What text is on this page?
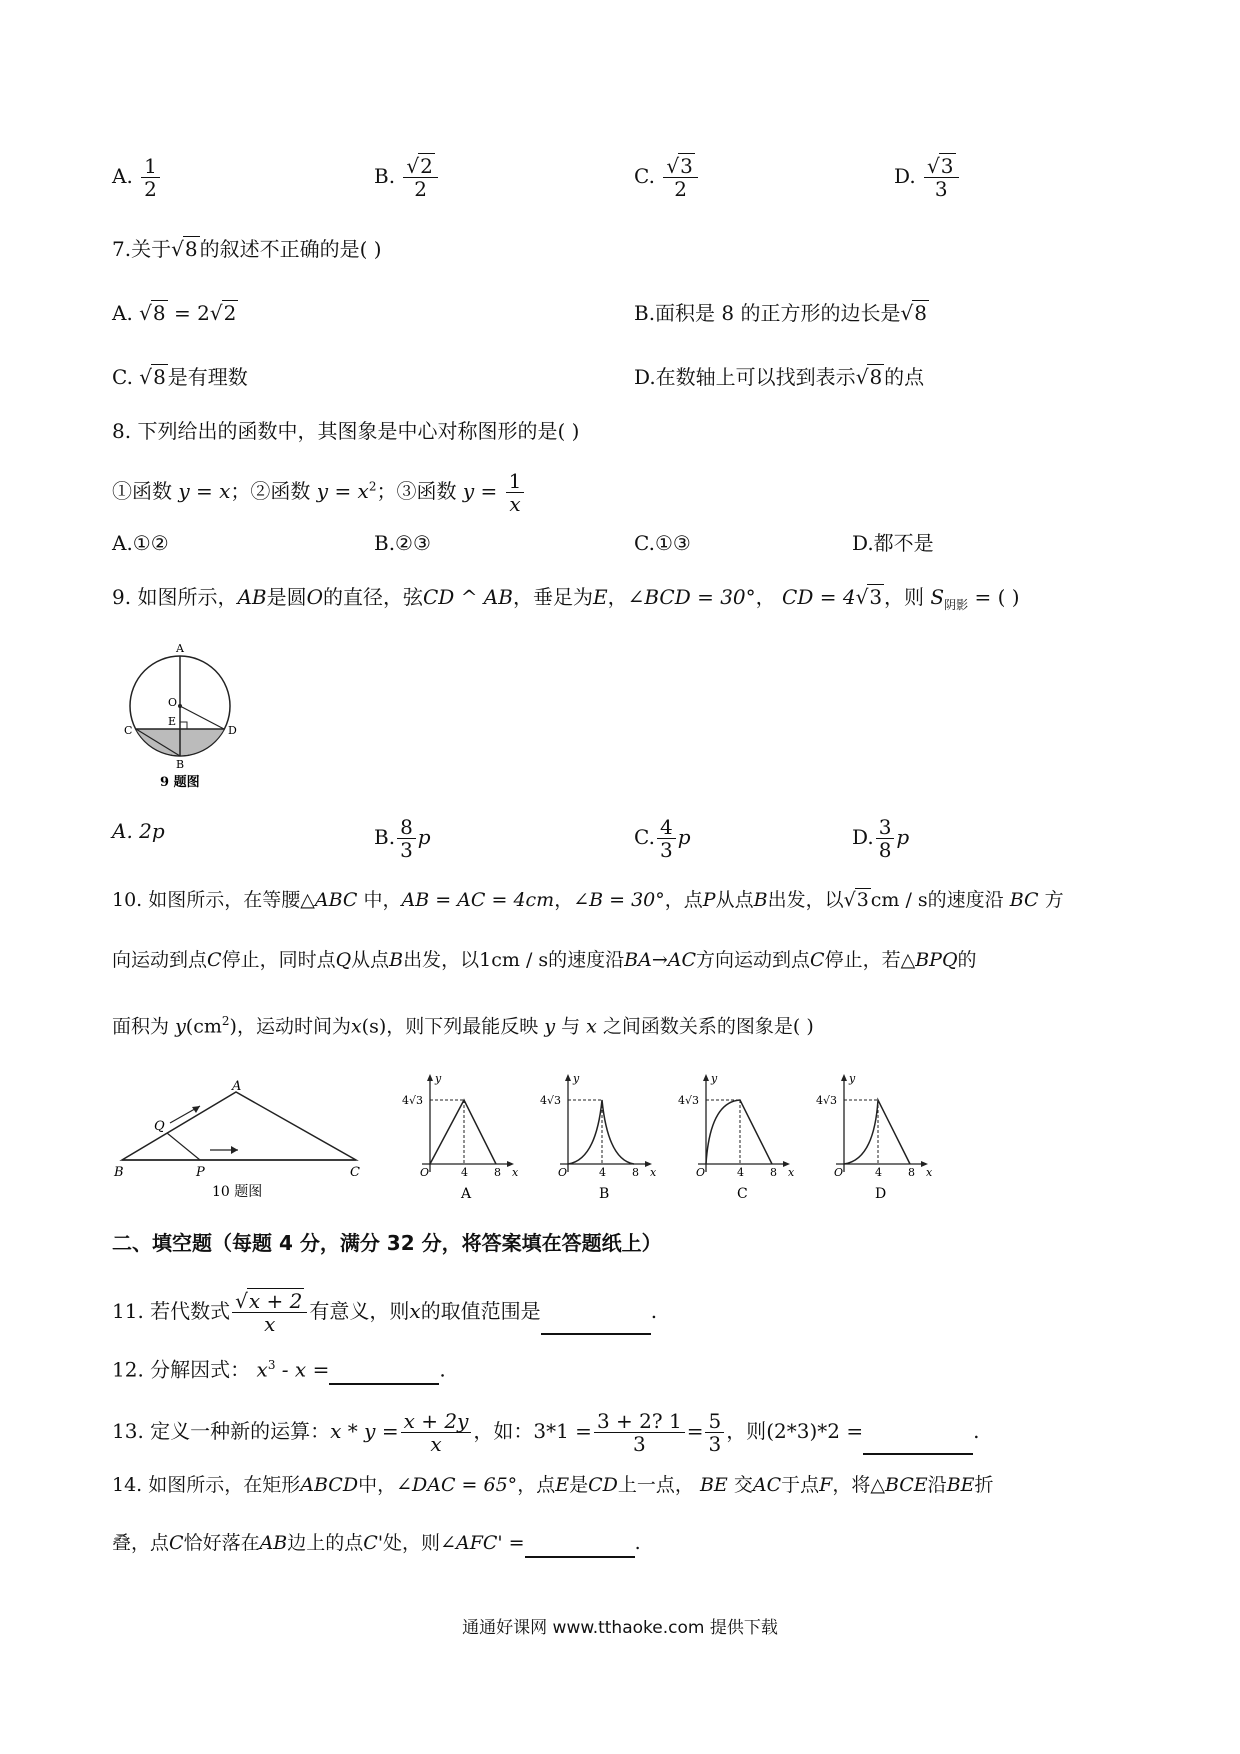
A. $\frac{1}{2}$	B. $\frac{√2}{2}$	C. $\frac{√3}{2}$	D. $\frac{√3}{3}$
7.关于√8 的叙述不正确的是( )
A. √8 = 2√2	B.面积是 8 的正方形的边长是√8
C. √8 是有理数	D.在数轴上可以找到表示√8 的点
8. 下列给出的函数中，其图象是中心对称图形的是( )
①函数 y = x；②函数 $y = x^2$；③函数 $y = \frac{1}{x}$
A.①②	B.②③	C.①③	D.都不是
9. 如图所示，AB是圆O的直径，弦CD ^ AB，垂足为E，∠BCD = 30°， CD = 4√3 ，则 $S_{阴影}$ = ( )
A
O
E
C	D
B
9 题图
A. 2p	B. $\frac{8}{3}$ p	C. $\frac{4}{3}$ p	D. $\frac{3}{8}$ p
10. 如图所示，在等腰△ABC 中，AB = AC = 4cm，∠B = 30°，点P从点B出发，以√3 cm / s的速度沿 BC 方
向运动到点C停止，同时点Q从点B出发，以1cm / s的速度沿BA→AC方向运动到点C停止，若△BPQ的
面积为 $y(cm^2)$，运动时间为x(s)，则下列最能反映 y 与 x 之间函数关系的图象是( )
A
B	C
P
Q
10 题图
y
x
O
4√3
4 8
A
y
x
O
4√3
4 8
B
y
x
O
4√3
4 8
C
y
x
O
4√3
4 8
D
二、填空题（每题 4 分，满分 32 分，将答案填在答题纸上）
11. 若代数式 $\frac{√x + 2}{x}$ 有意义，则x的取值范围是	.
12. 分解因式： $x^3$ - x =	.
13. 定义一种新的运算：$x * y = \frac{x + 2y}{x}$ ，如：$3*1 = \frac{3 + 2? 1}{3} = \frac{5}{3}$ ，则(2*3)*2 =	.
14. 如图所示，在矩形ABCD中，∠DAC = 65°，点E是CD上一点， BE 交AC于点F，将△BCE沿BE折
叠，点C恰好落在AB边上的点C'处，则∠AFC' =	.
通通好课网 www.tthaoke.com 提供下载
